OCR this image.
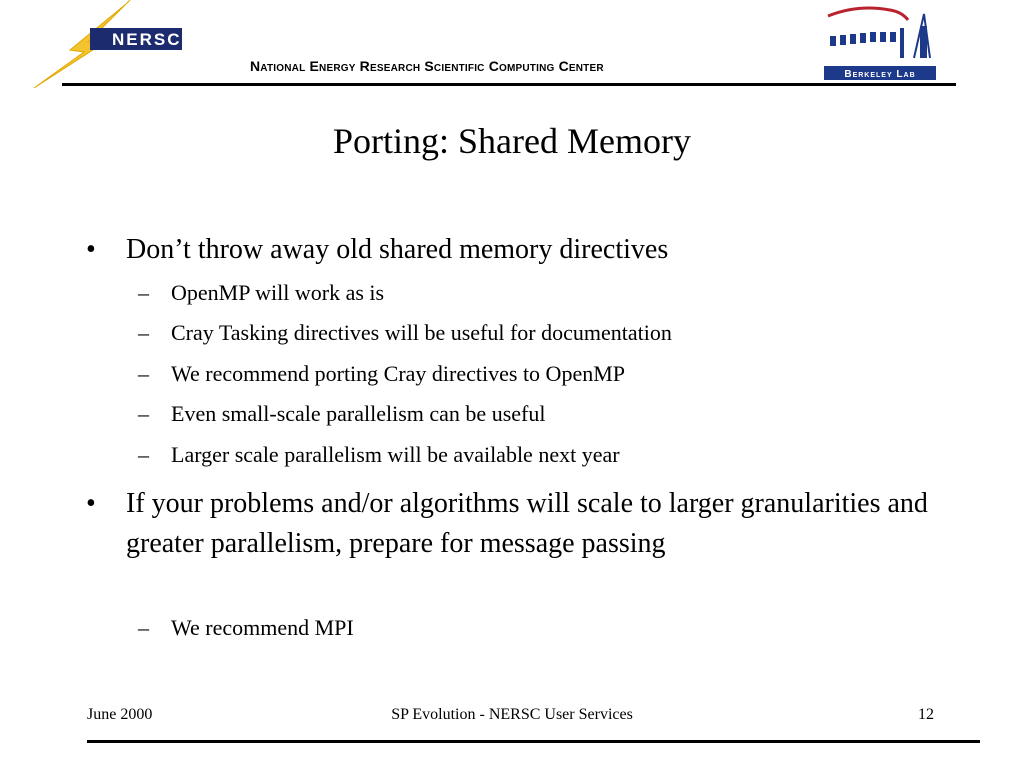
NERSC
National Energy Research Scientific Computing Center
Berkeley Lab
Porting: Shared Memory
• Don’t throw away old shared memory directives
– OpenMP will work as is
– Cray Tasking directives will be useful for documentation
– We recommend porting Cray directives to OpenMP
– Even small-scale parallelism can be useful
– Larger scale parallelism will be available next year
• If your problems and/or algorithms will scale to larger granularities and greater parallelism, prepare for message passing
– We recommend MPI
June 2000	SP Evolution - NERSC User Services	12
